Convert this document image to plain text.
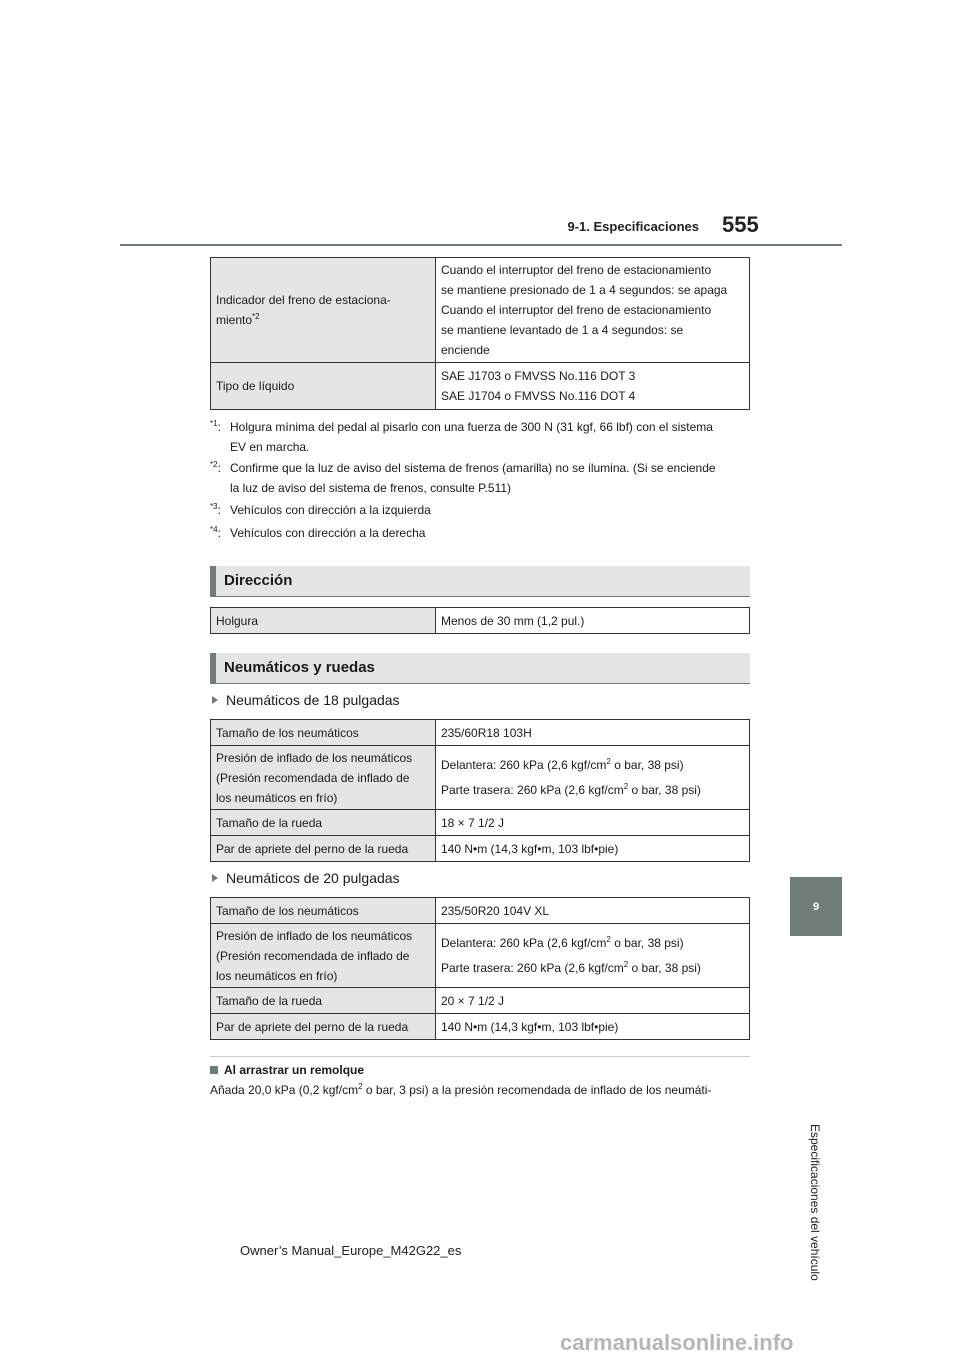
555
9-1. Especificaciones
9
Especificaciones del vehículo
Indicador del freno de estaciona-
miento$^{*2}$	Cuando el interruptor del freno de estacionamiento
se mantiene presionado de 1 a 4 segundos: se apaga
Cuando el interruptor del freno de estacionamiento
se mantiene levantado de 1 a 4 segundos: se
enciende

Tipo de líquido	SAE J1703 o FMVSS No.116 DOT 3
SAE J1704 o FMVSS No.116 DOT 4
$^{*1}$: Holgura mínima del pedal al pisarlo con una fuerza de 300 N (31 kgf, 66 lbf) con el sistema
EV en marcha.
$^{*2}$: Confirme que la luz de aviso del sistema de frenos (amarilla) no se ilumina. (Si se enciende
la luz de aviso del sistema de frenos, consulte P.511)
$^{*3}$: Vehículos con dirección a la izquierda
$^{*4}$: Vehículos con dirección a la derecha
Dirección
Holgura	Menos de 30 mm (1,2 pul.)
Neumáticos y ruedas
Neumáticos de 18 pulgadas
Tamaño de los neumáticos	235/60R18 103H

Presión de inflado de los neumáticos
(Presión recomendada de inflado de
los neumáticos en frío)	Delantera: 260 kPa (2,6 kgf/$cm^2$ o bar, 38 psi)
Parte trasera: 260 kPa (2,6 kgf/$cm^2$ o bar, 38 psi)

Tamaño de la rueda	18 × 7 1/2 J
Par de apriete del perno de la rueda	140 N•m (14,3 kgf•m, 103 lbf•pie)
Neumáticos de 20 pulgadas
Tamaño de los neumáticos	235/50R20 104V XL

Presión de inflado de los neumáticos
(Presión recomendada de inflado de
los neumáticos en frío)	Delantera: 260 kPa (2,6 kgf/$cm^2$ o bar, 38 psi)
Parte trasera: 260 kPa (2,6 kgf/$cm^2$ o bar, 38 psi)

Tamaño de la rueda	20 × 7 1/2 J
Par de apriete del perno de la rueda	140 N•m (14,3 kgf•m, 103 lbf•pie)
Al arrastrar un remolque
Añada 20,0 kPa (0,2 kgf/$cm^2$ o bar, 3 psi) a la presión recomendada de inflado de los neumáti-
Owner’s Manual_Europe_M42G22_es
carmanualsonline.info
